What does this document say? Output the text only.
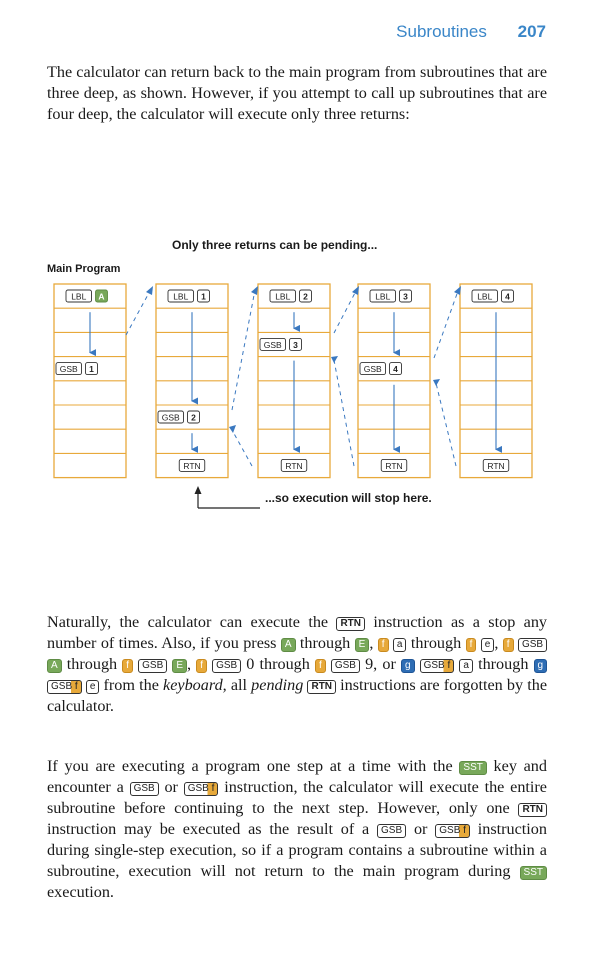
Subroutines 207

The calculator can return back to the main program from subroutines that are three deep, as shown. However, if you attempt to call up subroutines that are four deep, the calculator will execute only three returns:

Only three returns can be pending...
Main Program
LBL A
GSB 1
LBL 1
GSB 2
RTN
LBL 2
GSB 3
RTN
LBL 3
GSB 4
RTN
LBL 4
RTN
...so execution will stop here.

Naturally, the calculator can execute the RTN instruction as a stop any number of times. Also, if you press A through E , f a through f e , f GSB A through f GSB E , f GSB 0 through f GSB 9, or g GSB f a through g GSB f e from the keyboard, all pending RTN instructions are forgotten by the calculator.

If you are executing a program one step at a time with the SST key and encounter a GSB or GSB f instruction, the calculator will execute the entire subroutine before continuing to the next step. However, only one RTN instruction may be executed as the result of a GSB or GSB f instruction during single-step execution, so if a program contains a subroutine within a subroutine, execution will not return to the main program during SST execution.
